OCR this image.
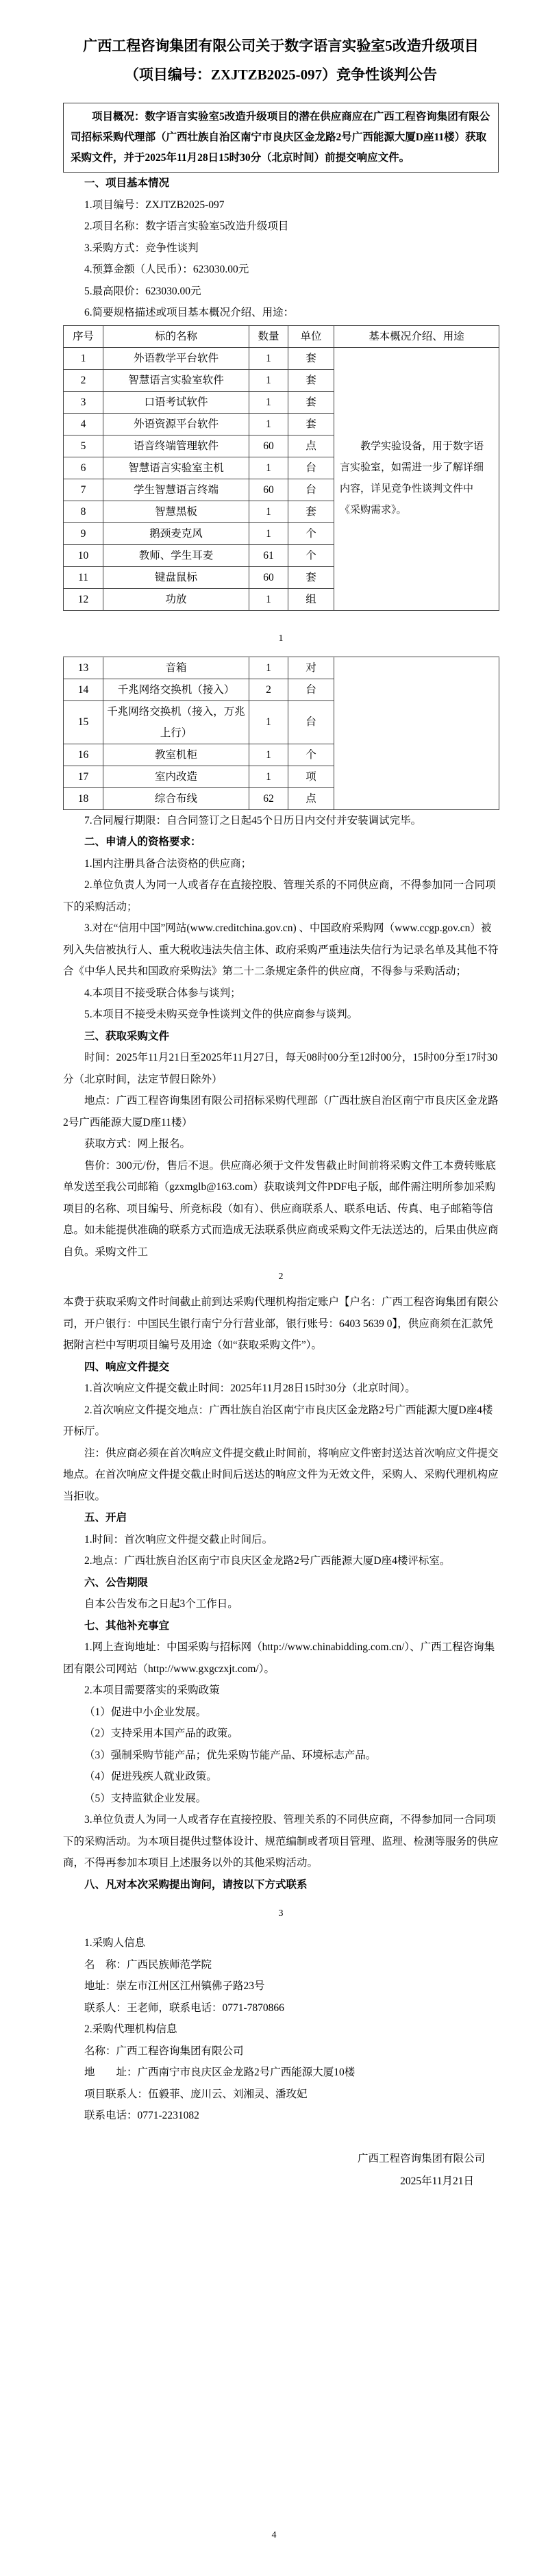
广西工程咨询集团有限公司关于数字语言实验室5改造升级项目

（项目编号：ZXJTZB2025-097）竞争性谈判公告

项目概况：数字语言实验室5改造升级项目的潜在供应商应在广西工程咨询集团有限公司招标采购代理部（广西壮族自治区南宁市良庆区金龙路2号广西能源大厦D座11楼）获取采购文件，并于2025年11月28日15时30分（北京时间）前提交响应文件。

一、项目基本情况

1.项目编号：ZXJTZB2025-097

2.项目名称：数字语言实验室5改造升级项目

3.采购方式：竞争性谈判

4.预算金额（人民币）：623030.00元

5.最高限价：623030.00元

6.简要规格描述或项目基本概况介绍、用途：

序号	标的名称	数量	单位	基本概况介绍、用途
1	外语教学平台软件	1	套	教学实验设备，用于数字语言实验室，如需进一步了解详细内容，详见竞争性谈判文件中《采购需求》。
2	智慧语言实验室软件	1	套	
3	口语考试软件	1	套	
4	外语资源平台软件	1	套	
5	语音终端管理软件	60	点	
6	智慧语言实验室主机	1	台	
7	学生智慧语言终端	60	台	
8	智慧黑板	1	套	
9	鹅颈麦克风	1	个	
10	教师、学生耳麦	61	个	
11	键盘鼠标	60	套	
12	功放	1	组	

1

13	音箱	1	对	
14	千兆网络交换机（接入）	2	台	
15	千兆网络交换机（接入，万兆上行）	1	台	
16	教室机柜	1	个	
17	室内改造	1	项	
18	综合布线	62	点	

7.合同履行期限：自合同签订之日起45个日历日内交付并安装调试完毕。

二、申请人的资格要求：

1.国内注册具备合法资格的供应商；

2.单位负责人为同一人或者存在直接控股、管理关系的不同供应商，不得参加同一合同项下的采购活动；

3.对在“信用中国”网站(www.creditchina.gov.cn) 、中国政府采购网（www.ccgp.gov.cn）被列入失信被执行人、重大税收违法失信主体、政府采购严重违法失信行为记录名单及其他不符合《中华人民共和国政府采购法》第二十二条规定条件的供应商，不得参与采购活动；

4.本项目不接受联合体参与谈判；

5.本项目不接受未购买竞争性谈判文件的供应商参与谈判。

三、获取采购文件

时间：2025年11月21日至2025年11月27日，每天08时00分至12时00分，15时00分至17时30分（北京时间，法定节假日除外）

地点：广西工程咨询集团有限公司招标采购代理部（广西壮族自治区南宁市良庆区金龙路2号广西能源大厦D座11楼）

获取方式：网上报名。

售价：300元/份，售后不退。供应商必须于文件发售截止时间前将采购文件工本费转账底单发送至我公司邮箱（gzxmglb@163.com）获取谈判文件PDF电子版，邮件需注明所参加采购项目的名称、项目编号、所竞标段（如有）、供应商联系人、联系电话、传真、电子邮箱等信息。如未能提供准确的联系方式而造成无法联系供应商或采购文件无法送达的，后果由供应商自负。采购文件工

2

本费于获取采购文件时间截止前到达采购代理机构指定账户【户名：广西工程咨询集团有限公司，开户银行：中国民生银行南宁分行营业部，银行账号：6403 5639 0】，供应商须在汇款凭据附言栏中写明项目编号及用途（如“获取采购文件”）。

四、响应文件提交

1.首次响应文件提交截止时间：2025年11月28日15时30分（北京时间）。

2.首次响应文件提交地点：广西壮族自治区南宁市良庆区金龙路2号广西能源大厦D座4楼开标厅。

注：供应商必须在首次响应文件提交截止时间前，将响应文件密封送达首次响应文件提交地点。在首次响应文件提交截止时间后送达的响应文件为无效文件，采购人、采购代理机构应当拒收。

五、开启

1.时间：首次响应文件提交截止时间后。

2.地点：广西壮族自治区南宁市良庆区金龙路2号广西能源大厦D座4楼评标室。

六、公告期限

自本公告发布之日起3个工作日。

七、其他补充事宜

1.网上查询地址：中国采购与招标网（http://www.chinabidding.com.cn/）、广西工程咨询集团有限公司网站（http://www.gxgczxjt.com/）。

2.本项目需要落实的采购政策

（1）促进中小企业发展。

（2）支持采用本国产品的政策。

（3）强制采购节能产品；优先采购节能产品、环境标志产品。

（4）促进残疾人就业政策。

（5）支持监狱企业发展。

3.单位负责人为同一人或者存在直接控股、管理关系的不同供应商，不得参加同一合同项下的采购活动。为本项目提供过整体设计、规范编制或者项目管理、监理、检测等服务的供应商，不得再参加本项目上述服务以外的其他采购活动。

八、凡对本次采购提出询问，请按以下方式联系

3

1.采购人信息

名　称：广西民族师范学院

地址：崇左市江州区江州镇佛子路23号

联系人：王老师，联系电话：0771-7870866

2.采购代理机构信息

名称：广西工程咨询集团有限公司

地　　址：广西南宁市良庆区金龙路2号广西能源大厦10楼

项目联系人：伍毅菲、庞川云、刘湘灵、潘玫妃

联系电话：0771-2231082

广西工程咨询集团有限公司

2025年11月21日

4
